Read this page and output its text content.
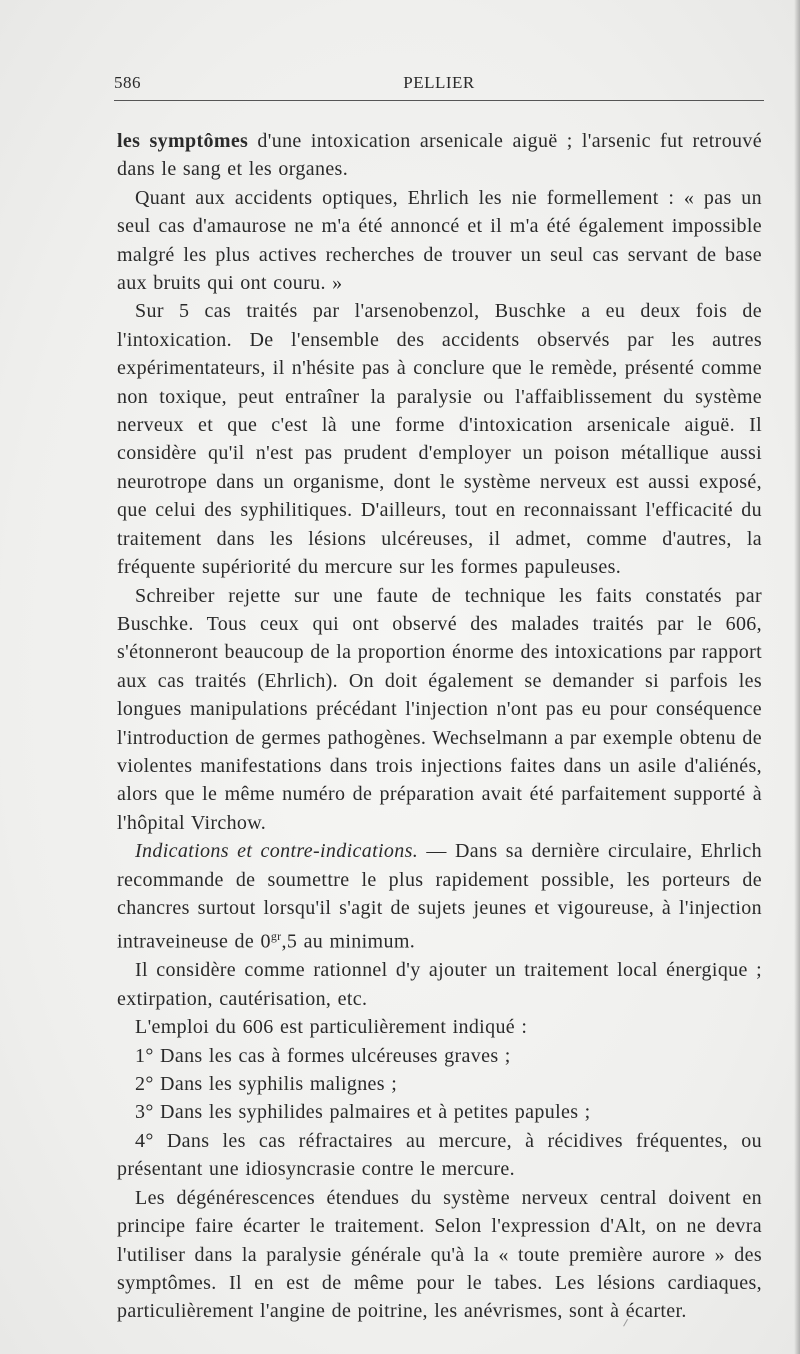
586	PELLIER

les symptômes d'une intoxication arsenicale aiguë ; l'arsenic fut retrouvé dans le sang et les organes.

Quant aux accidents optiques, Ehrlich les nie formellement : « pas un seul cas d'amaurose ne m'a été annoncé et il m'a été également impossible malgré les plus actives recherches de trouver un seul cas servant de base aux bruits qui ont couru. »

Sur 5 cas traités par l'arsenobenzol, Buschke a eu deux fois de l'intoxication. De l'ensemble des accidents observés par les autres expérimentateurs, il n'hésite pas à conclure que le remède, présenté comme non toxique, peut entraîner la paralysie ou l'affaiblissement du système nerveux et que c'est là une forme d'intoxication arsenicale aiguë. Il considère qu'il n'est pas prudent d'employer un poison métallique aussi neurotrope dans un organisme, dont le système nerveux est aussi exposé, que celui des syphilitiques. D'ailleurs, tout en reconnaissant l'efficacité du traitement dans les lésions ulcéreuses, il admet, comme d'autres, la fréquente supériorité du mercure sur les formes papuleuses.

Schreiber rejette sur une faute de technique les faits constatés par Buschke. Tous ceux qui ont observé des malades traités par le 606, s'étonneront beaucoup de la proportion énorme des intoxications par rapport aux cas traités (Ehrlich). On doit également se demander si parfois les longues manipulations précédant l'injection n'ont pas eu pour conséquence l'introduction de germes pathogènes. Wechselmann a par exemple obtenu de violentes manifestations dans trois injections faites dans un asile d'aliénés, alors que le même numéro de préparation avait été parfaitement supporté à l'hôpital Virchow.

Indications et contre-indications. — Dans sa dernière circulaire, Ehrlich recommande de soumettre le plus rapidement possible, les porteurs de chancres surtout lorsqu'il s'agit de sujets jeunes et vigoureuse, à l'injection intraveineuse de $0^{gr},5$ au minimum.

Il considère comme rationnel d'y ajouter un traitement local énergique ; extirpation, cautérisation, etc.

L'emploi du 606 est particulièrement indiqué :

1° Dans les cas à formes ulcéreuses graves ;

2° Dans les syphilis malignes ;

3° Dans les syphilides palmaires et à petites papules ;

4° Dans les cas réfractaires au mercure, à récidives fréquentes, ou présentant une idiosyncrasie contre le mercure.

Les dégénérescences étendues du système nerveux central doivent en principe faire écarter le traitement. Selon l'expression d'Alt, on ne devra l'utiliser dans la paralysie générale qu'à la « toute première aurore » des symptômes. Il en est de même pour le tabes. Les lésions cardiaques, particulièrement l'angine de poitrine, les anévrismes, sont à écarter.
